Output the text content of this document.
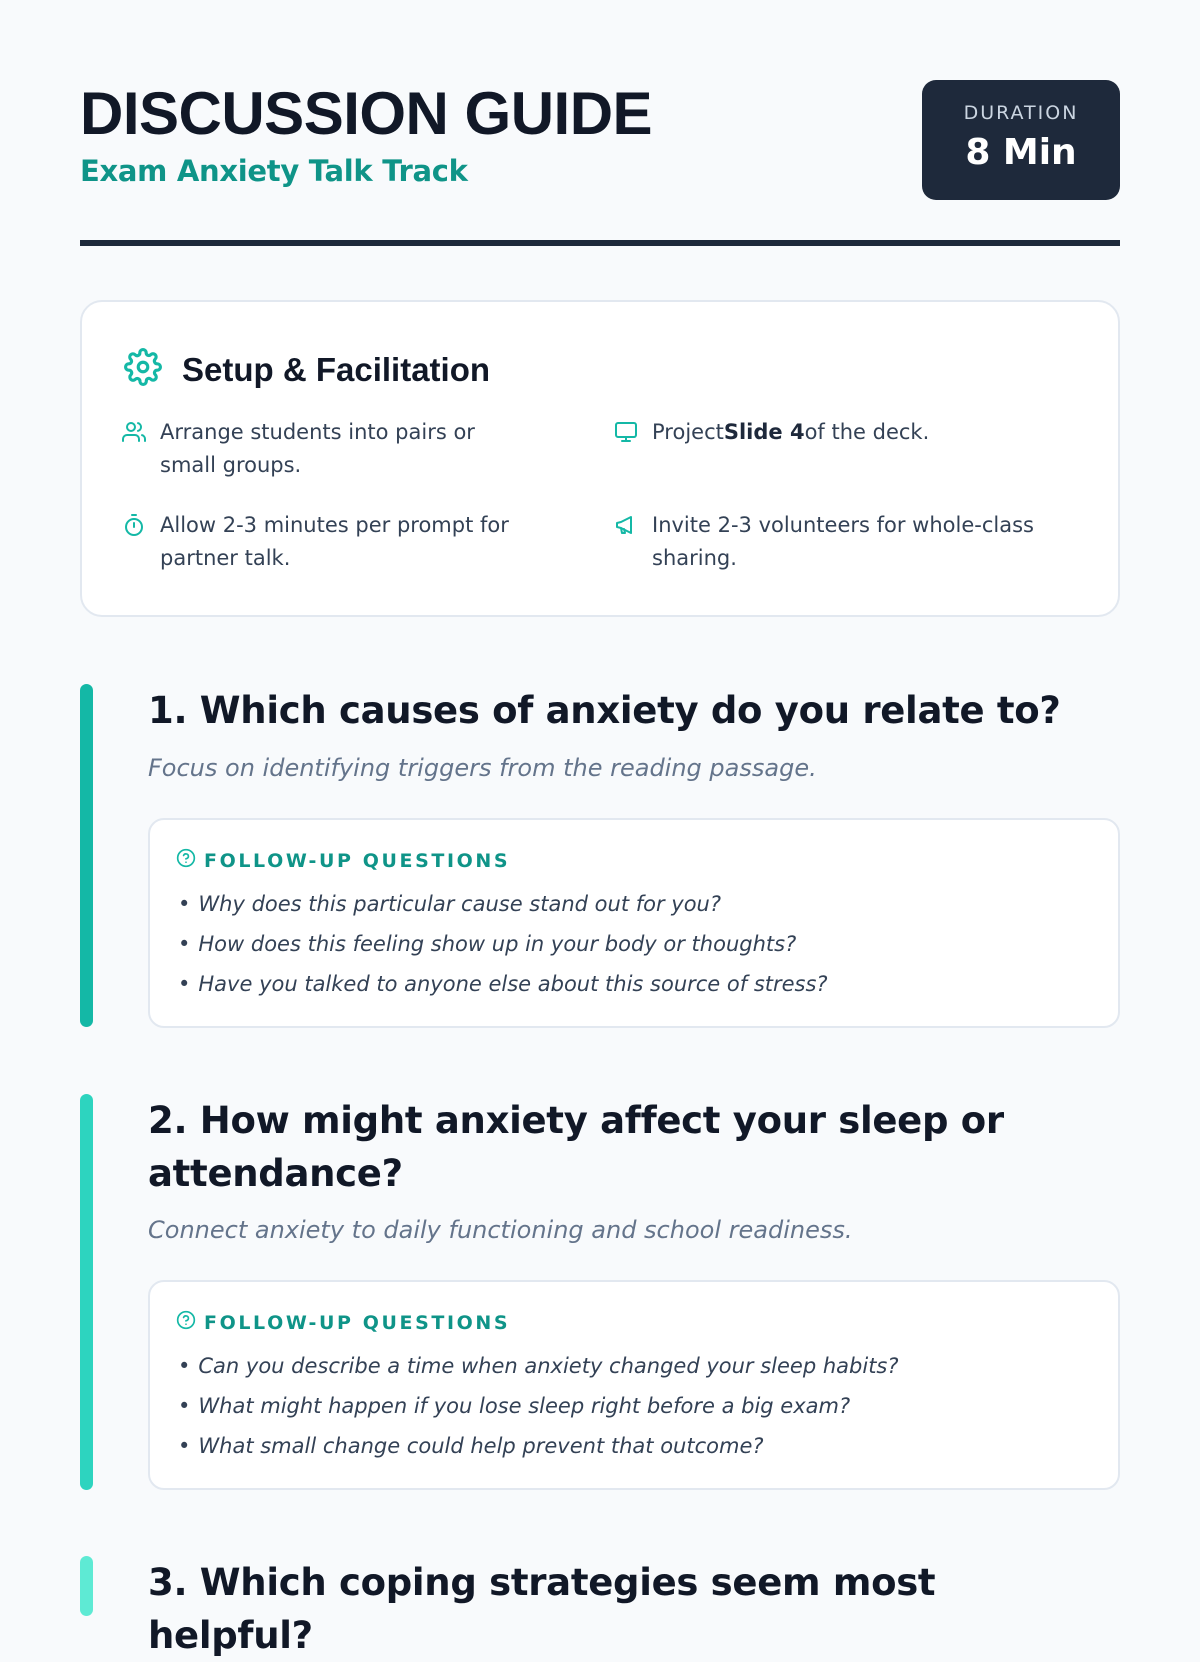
DISCUSSION GUIDE
Exam Anxiety Talk Track
DURATION
8 Min
Setup & Facilitation
Arrange students into pairs or small groups.
ProjectSlide 4of the deck.
Allow 2-3 minutes per prompt for partner talk.
Invite 2-3 volunteers for whole-class sharing.
1. Which causes of anxiety do you relate to?
Focus on identifying triggers from the reading passage.
FOLLOW-UP QUESTIONS
• Why does this particular cause stand out for you?
• How does this feeling show up in your body or thoughts?
• Have you talked to anyone else about this source of stress?
2. How might anxiety affect your sleep or attendance?
Connect anxiety to daily functioning and school readiness.
FOLLOW-UP QUESTIONS
• Can you describe a time when anxiety changed your sleep habits?
• What might happen if you lose sleep right before a big exam?
• What small change could help prevent that outcome?
3. Which coping strategies seem most helpful?
